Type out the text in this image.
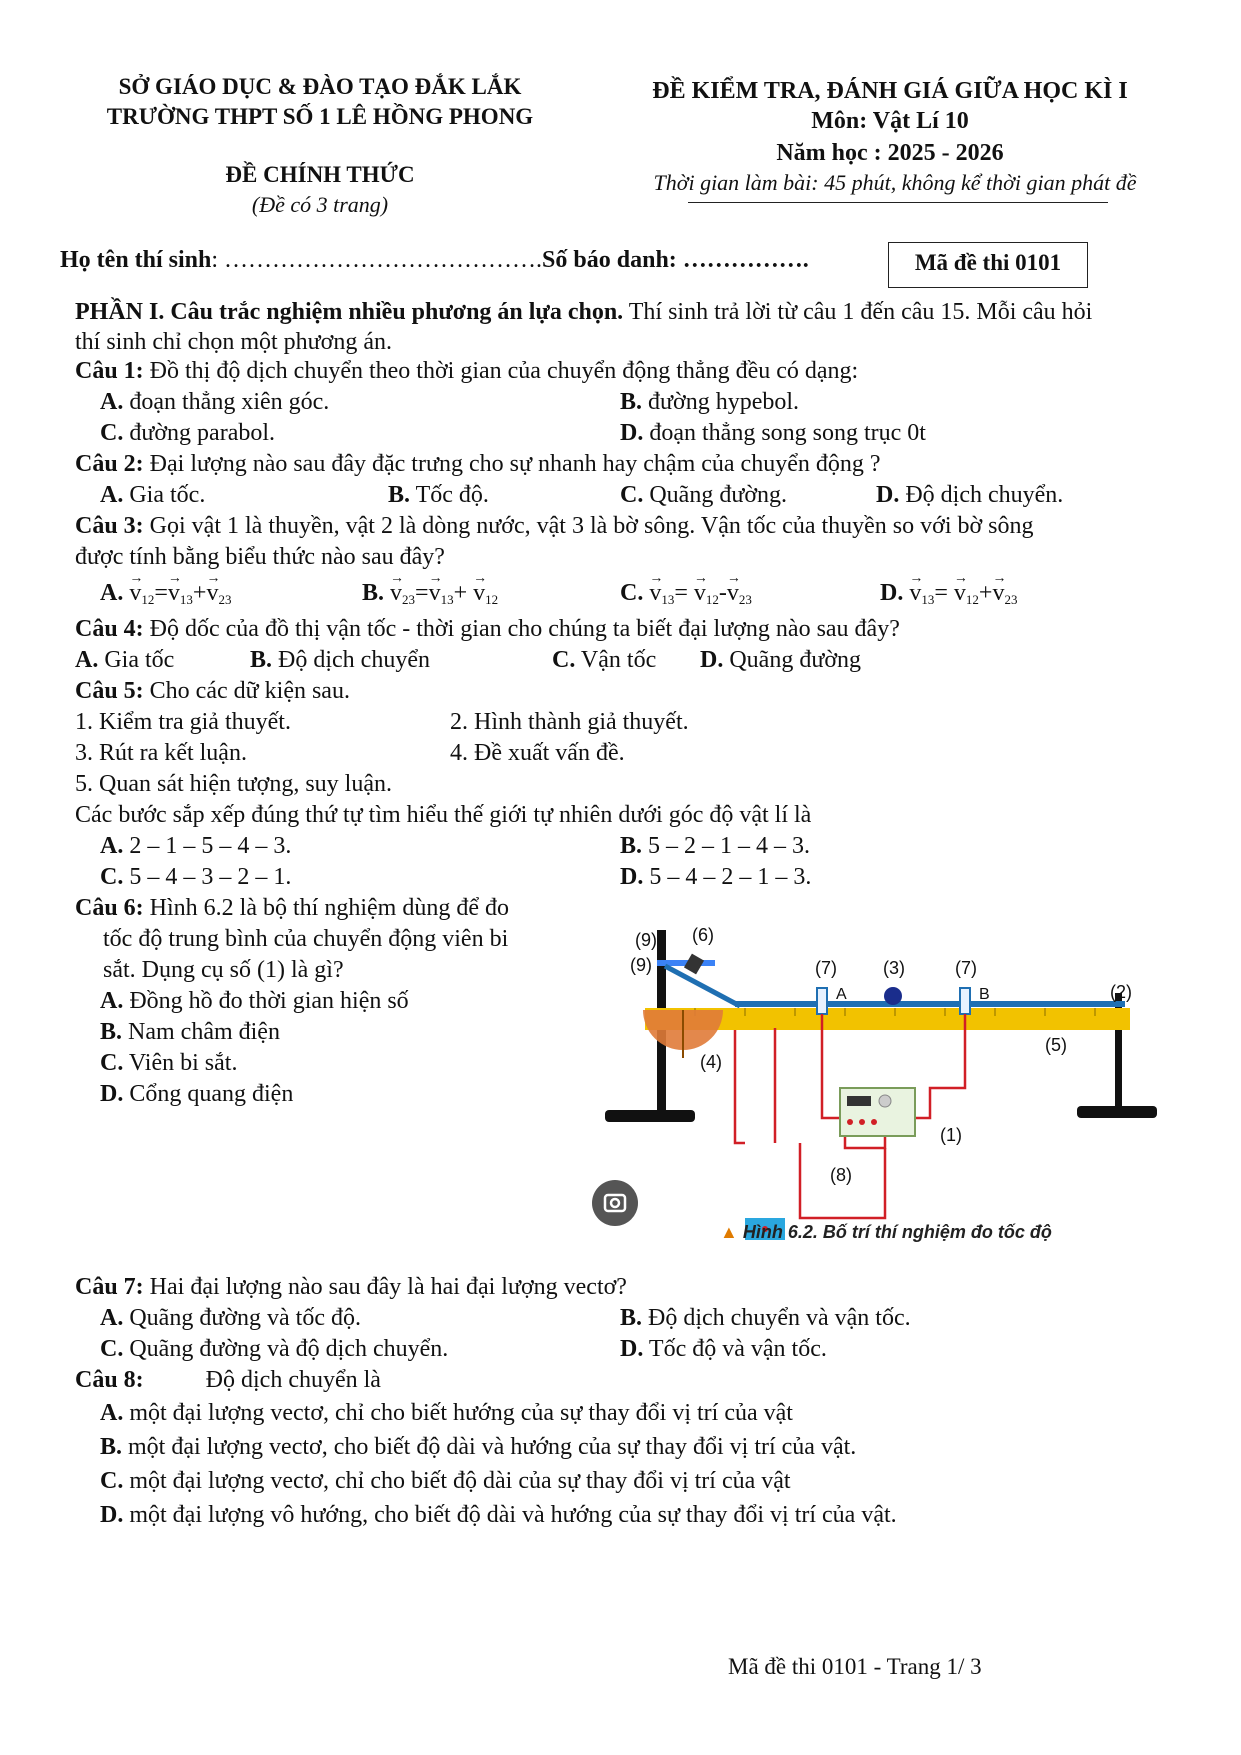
SỞ GIÁO DỤC & ĐÀO TẠO ĐẮK LẮK
TRƯỜNG THPT SỐ 1 LÊ HỒNG PHONG
ĐỀ CHÍNH THỨC
(Đề có 3 trang)
ĐỀ KIỂM TRA, ĐÁNH GIÁ GIỮA HỌC KÌ I
Môn: Vật Lí 10
Năm học : 2025 - 2026
Thời gian làm bài: 45 phút, không kể thời gian phát đề
Họ tên thí sinh: ………………………………….Số báo danh: …………….	Mã đề thi 0101
PHẦN I. Câu trắc nghiệm nhiều phương án lựa chọn. Thí sinh trả lời từ câu 1 đến câu 15. Mỗi câu hỏi
thí sinh chỉ chọn một phương án.
Câu 1: Đồ thị độ dịch chuyển theo thời gian của chuyển động thẳng đều có dạng:
A. đoạn thẳng xiên góc.	B. đường hypebol.
C. đường parabol.	D. đoạn thẳng song song trục 0t
Câu 2: Đại lượng nào sau đây đặc trưng cho sự nhanh hay chậm của chuyển động ?
A. Gia tốc.	B. Tốc độ.	C. Quãng đường.	D. Độ dịch chuyển.
Câu 3: Gọi vật 1 là thuyền, vật 2 là dòng nước, vật 3 là bờ sông. Vận tốc của thuyền so với bờ sông
được tính bằng biểu thức nào sau đây?
A. → $v_{12}=\to v_{13}+\to v_{23}$	B. → $v_{23}=\to v_{13}+ \to v_{12}$	C. → $v_{13}= \to v_{12}-\to v_{23}$	D. → $v_{13}= \to v_{12}+\to v_{23}$
Câu 4: Độ dốc của đồ thị vận tốc - thời gian cho chúng ta biết đại lượng nào sau đây?
A. Gia tốc	B. Độ dịch chuyển	C. Vận tốc D. Quãng đường
Câu 5: Cho các dữ kiện sau.
1. Kiểm tra giả thuyết.	2. Hình thành giả thuyết.
3. Rút ra kết luận.	4. Đề xuất vấn đề.
5. Quan sát hiện tượng, suy luận.
Các bước sắp xếp đúng thứ tự tìm hiểu thế giới tự nhiên dưới góc độ vật lí là
A. 2 – 1 – 5 – 4 – 3.	B. 5 – 2 – 1 – 4 – 3.
C. 5 – 4 – 3 – 2 – 1.	D. 5 – 4 – 2 – 1 – 3.
Câu 6: Hình 6.2 là bộ thí nghiệm dùng để đo
tốc độ trung bình của chuyển động viên bi
sắt. Dụng cụ số (1) là gì?
A. Đồng hồ đo thời gian hiện số
B. Nam châm điện
C. Viên bi sắt.
D. Cổng quang điện
(9) (6)
(9)	(7)	(3)	(7)
A	B	(2)
(5)
(4)
(1)
(8)
▲ Hình 6.2. Bố trí thí nghiệm đo tốc độ
Câu 7: Hai đại lượng nào sau đây là hai đại lượng vectơ?
A. Quãng đường và tốc độ.	B. Độ dịch chuyển và vận tốc.
C. Quãng đường và độ dịch chuyển.	D. Tốc độ và vận tốc.
Câu 8:	Độ dịch chuyển là
A. một đại lượng vectơ, chỉ cho biết hướng của sự thay đổi vị trí của vật
B. một đại lượng vectơ, cho biết độ dài và hướng của sự thay đổi vị trí của vật.
C. một đại lượng vectơ, chỉ cho biết độ dài của sự thay đổi vị trí của vật
D. một đại lượng vô hướng, cho biết độ dài và hướng của sự thay đổi vị trí của vật.
Mã đề thi 0101 - Trang 1/ 3
